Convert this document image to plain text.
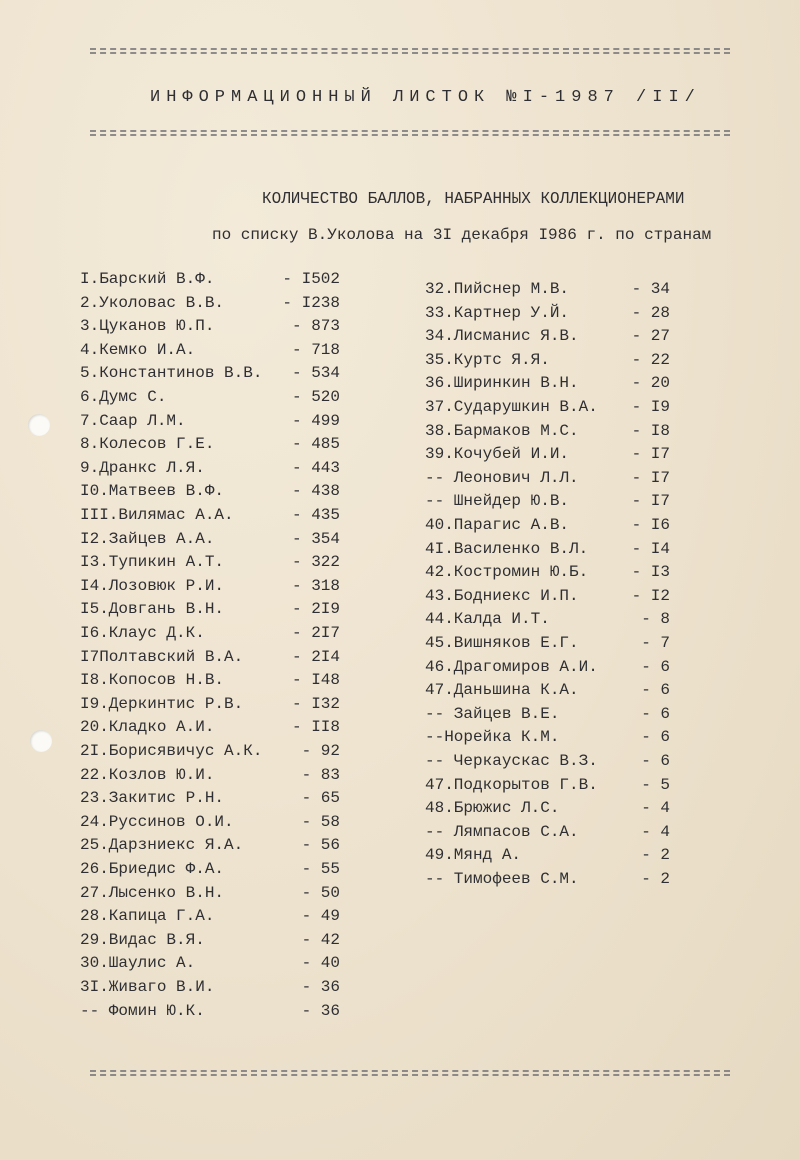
ИНФОРМАЦИОННЫЙ ЛИСТОК №I-1987 /II/
КОЛИЧЕСТВО БАЛЛОВ, НАБРАННЫХ КОЛЛЕКЦИОНЕРАМИ
по списку В.Уколова на 3I декабря I986 г. по странам
I.Барский В.Ф.	- I502
2.Уколовас В.В.	- I238
3.Цуканов Ю.П.	- 873
4.Кемко И.А.	- 718
5.Константинов В.В. - 534
6.Думс С.	- 520
7.Саар Л.М.	- 499
8.Колесов Г.Е.	- 485
9.Дранкс Л.Я.	- 443
I0.Матвеев В.Ф.	- 438
III.Вилямас А.А.	- 435
I2.Зайцев А.А.	- 354
I3.Тупикин А.Т.	- 322
I4.Лозовюк Р.И.	- 318
I5.Довгань В.Н.	- 2I9
I6.Клаус Д.К.	- 2I7
I7Полтавский В.А.	- 2I4
I8.Копосов Н.В.	- I48
I9.Деркинтис Р.В.	- I32
20.Кладко А.И.	- II8
2I.Борисявичус А.К. - 92
22.Козлов Ю.И.	- 83
23.Закитис Р.Н.	- 65
24.Руссинов О.И.	- 58
25.Дарзниекс Я.А.	- 56
26.Бриедис Ф.А.	- 55
27.Лысенко В.Н.	- 50
28.Капица Г.А.	- 49
29.Видас В.Я.	- 42
30.Шаулис А.	- 40
3I.Живаго В.И.	- 36
-- Фомин Ю.К.	- 36
32.Пийснер М.В.	- 34
33.Картнер У.Й.	- 28
34.Лисманис Я.В.	- 27
35.Куртс Я.Я.	- 22
36.Ширинкин В.Н.	- 20
37.Сударушкин В.А. - I9
38.Бармаков М.С.	- I8
39.Кочубей И.И.	- I7
-- Леонович Л.Л.	- I7
-- Шнейдер Ю.В.	- I7
40.Парагис А.В.	- I6
4I.Василенко В.Л.	- I4
42.Костромин Ю.Б.	- I3
43.Бодниекс И.П.	- I2
44.Калда И.Т.	- 8
45.Вишняков Е.Г.	- 7
46.Драгомиров А.И.	- 6
47.Даньшина К.А.	- 6
-- Зайцев В.Е.	- 6
--Норейка К.М.	- 6
-- Черкаускас В.З.	- 6
47.Подкорытов Г.В.	- 5
48.Брюжис Л.С.	- 4
-- Лямпасов С.А.	- 4
49.Мянд А.	- 2
-- Тимофеев С.М.	- 2
